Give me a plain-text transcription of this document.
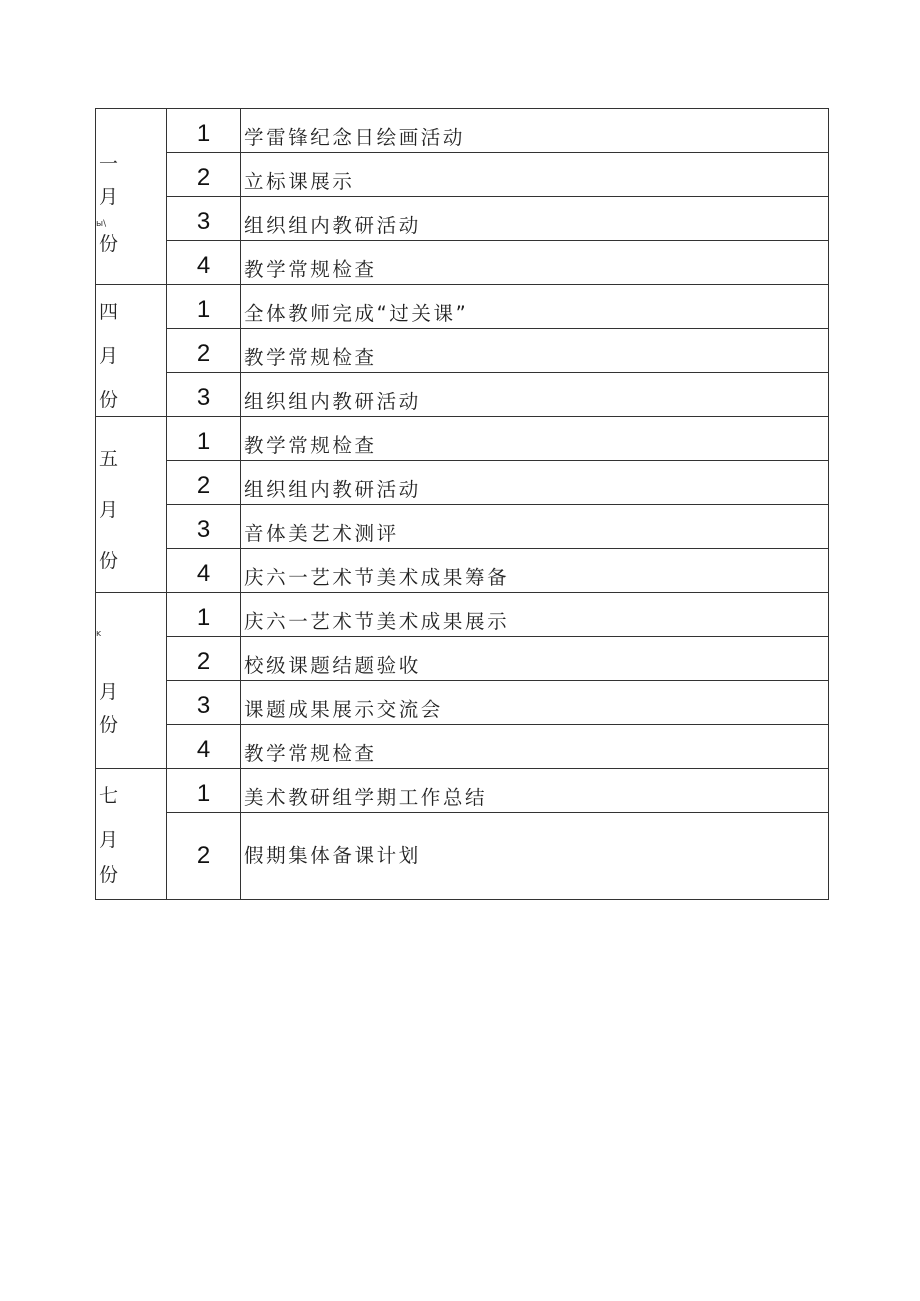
一
月
ы\
份	1	学雷锋纪念日绘画活动
	2	立标课展示
	3	组织组内教研活动
	4	教学常规检查

四
月
份	1	全体教师完成“过关课”
	2	教学常规检查
	3	组织组内教研活动

五
月
份	1	教学常规检查
	2	组织组内教研活动
	3	音体美艺术测评
	4	庆六一艺术节美术成果筹备

ĸ
月
份	1	庆六一艺术节美术成果展示
	2	校级课题结题验收
	3	课题成果展示交流会
	4	教学常规检查

七
月
份	1	美术教研组学期工作总结
	2	假期集体备课计划
